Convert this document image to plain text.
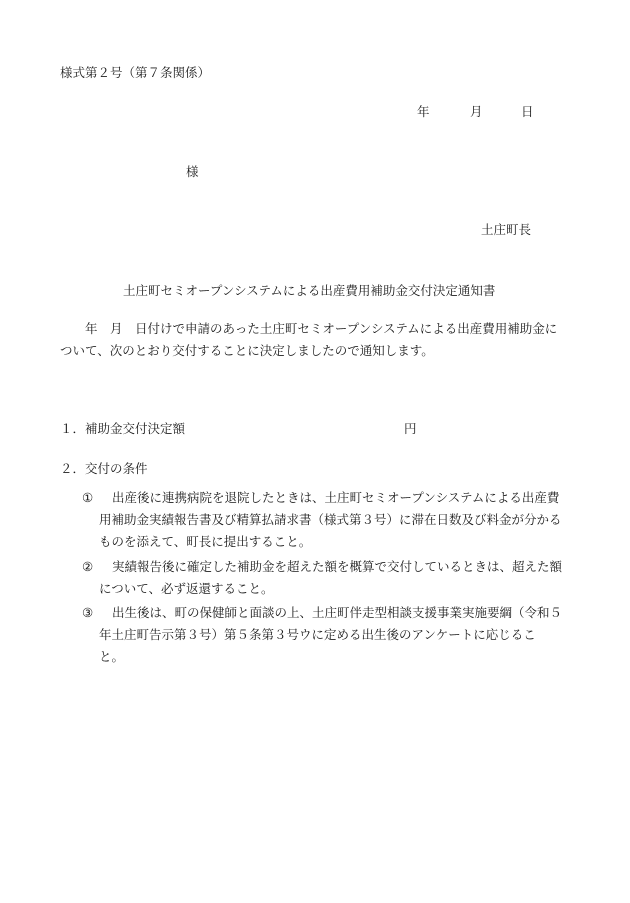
様式第２号（第７条関係）
年	月	日
様
土庄町長
土庄町セミオープンシステムによる出産費用補助金交付決定通知書
　　年　月　日付けで申請のあった土庄町セミオープンシステムによる出産費用補助金に
ついて、次のとおり交付することに決定しましたので通知します。
１．補助金交付決定額	円
２．交付の条件
① 出産後に連携病院を退院したときは、土庄町セミオープンシステムによる出産費
用補助金実績報告書及び精算払請求書（様式第３号）に滞在日数及び料金が分かる
ものを添えて、町長に提出すること。
② 実績報告後に確定した補助金を超えた額を概算で交付しているときは、超えた額
について、必ず返還すること。
③ 出生後は、町の保健師と面談の上、土庄町伴走型相談支援事業実施要綱（令和５
年土庄町告示第３号）第５条第３号ウに定める出生後のアンケートに応じるこ
と。
